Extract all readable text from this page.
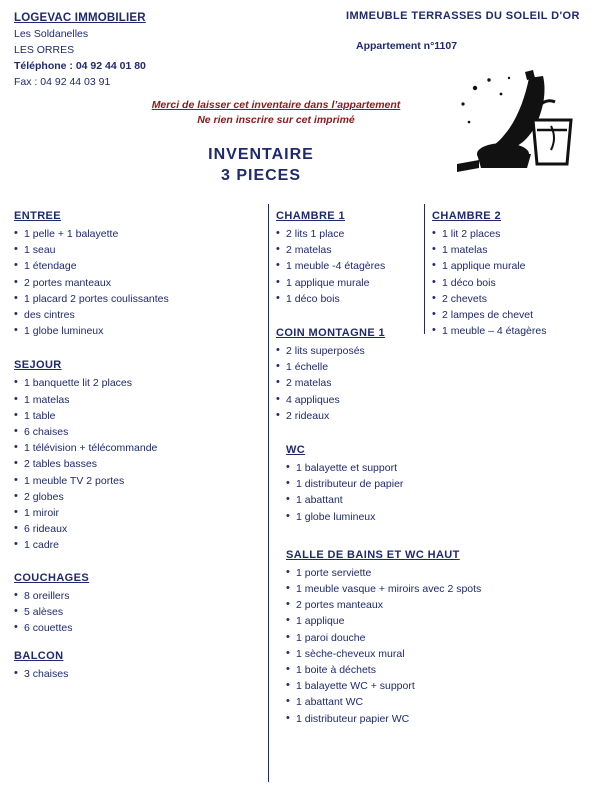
LOGEVAC IMMOBILIER
Les Soldanelles
LES ORRES
Téléphone : 04 92 44 01 80
Fax : 04 92 44 03 91
IMMEUBLE TERRASSES DU SOLEIL D'OR
Appartement n°1107
Merci de laisser cet inventaire dans l’appartement
Ne rien inscrire sur cet imprimé
INVENTAIRE
3 PIECES
ENTREE
• 1 pelle + 1 balayette
• 1 seau
• 1 étendage
• 2 portes manteaux
• 1 placard 2 portes coulissantes
• des cintres
• 1 globe lumineux
SEJOUR
• 1 banquette lit 2 places
• 1 matelas
• 1 table
• 6 chaises
• 1 télévision + télécommande
• 2 tables basses
• 1 meuble TV 2 portes
• 2 globes
• 1 miroir
• 6 rideaux
• 1 cadre
COUCHAGES
• 8 oreillers
• 5 alèses
• 6 couettes
BALCON
• 3 chaises
CHAMBRE 1
• 2 lits 1 place
• 2 matelas
• 1 meuble -4 étagères
• 1 applique murale
• 1 déco bois
COIN MONTAGNE 1
• 2 lits superposés
• 1 échelle
• 2 matelas
• 4 appliques
• 2 rideaux
WC
• 1 balayette et support
• 1 distributeur de papier
• 1 abattant
• 1 globe lumineux
SALLE DE BAINS ET WC HAUT
• 1 porte serviette
• 1 meuble vasque + miroirs avec 2 spots
• 2 portes manteaux
• 1 applique
• 1 paroi douche
• 1 sèche-cheveux mural
• 1 boite à déchets
• 1 balayette WC + support
• 1 abattant WC
• 1 distributeur papier WC
CHAMBRE 2
• 1 lit 2 places
• 1 matelas
• 1 applique murale
• 1 déco bois
• 2 chevets
• 2 lampes de chevet
• 1 meuble – 4 étagères
